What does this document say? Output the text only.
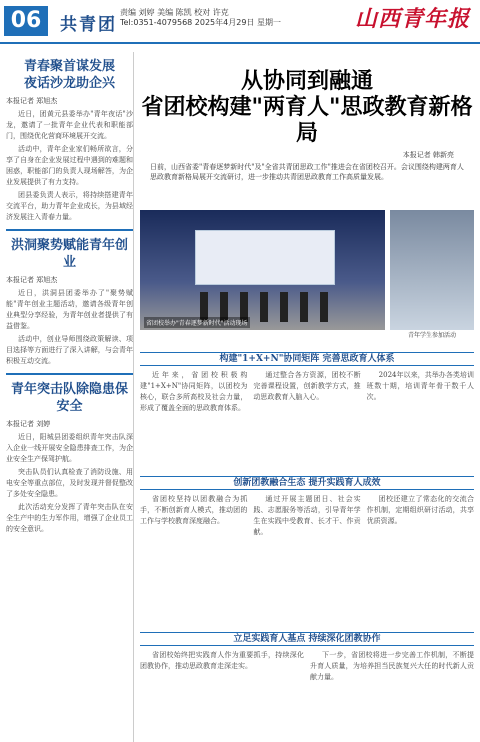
06	共青团
责编 刘婷 美编 陈凯 校对 许克
Tel:0351-4079568 2025年4月29日 星期一	山西青年报
青春聚首谋发展
夜话沙龙助企兴
本报记者 郑旭杰

近日，团黄元县委举办"青年夜话"沙龙，邀请了一批青年企业代表和职能部门，围绕优化营商环境展开交流。

活动中，青年企业家们畅所欲言，分享了自身在企业发展过程中遇到的难题和困惑，职能部门的负责人现场解答，为企业发展提供了有力支持。

团县委负责人表示，将持续搭建青年交流平台，助力青年企业成长，为县域经济发展注入青春力量。

洪洞聚势赋能青年创业
本报记者 郑旭杰

近日，洪洞县团委举办了"聚势赋能"青年创业主题活动，邀请各级青年创业典型分享经验，为青年创业者提供了有益借鉴。

活动中，创业导师围绕政策解读、项目选择等方面进行了深入讲解，与会青年积极互动交流。

青年突击队除隐患保安全
本报记者 刘婷

近日，阳城县团委组织青年突击队深入企业一线开展安全隐患排查工作，为企业安全生产保驾护航。

突击队员们认真检查了消防设施、用电安全等重点部位，及时发现并督促整改了多处安全隐患。

此次活动充分发挥了青年突击队在安全生产中的生力军作用，增强了企业员工的安全意识。

从协同到融通
省团校构建"两育人"思政教育新格局
本报记者 韩新亮

日前，山西省委"青春逐梦新时代"及"全省共青团思政工作"推进会在省团校召开。会议围绕构建两育人思政教育新格局展开交流研讨，进一步推动共青团思政教育工作高质量发展。

省团校举办"青春逐梦新时代"活动现场
青年学生参加活动
构建"1+X+N"协同矩阵 完善思政育人体系

近年来，省团校积极构建"1+X+N"协同矩阵，以团校为核心，联合多所高校及社会力量，形成了覆盖全面的思政教育体系。

通过整合各方资源，团校不断完善课程设置，创新教学方式，推动思政教育入脑入心。

2024年以来，共举办各类培训班数十期，培训青年骨干数千人次。

创新团教融合生态 提升实践育人成效

省团校坚持以团教融合为抓手，不断创新育人模式，推动团的工作与学校教育深度融合。

通过开展主题团日、社会实践、志愿服务等活动，引导青年学生在实践中受教育、长才干、作贡献。

团校还建立了常态化的交流合作机制，定期组织研讨活动，共享优质资源。

立足实践育人基点 持续深化团教协作

省团校始终把实践育人作为重要抓手，持续深化团教协作，推动思政教育走深走实。

下一步，省团校将进一步完善工作机制，不断提升育人质量，为培养担当民族复兴大任的时代新人贡献力量。
